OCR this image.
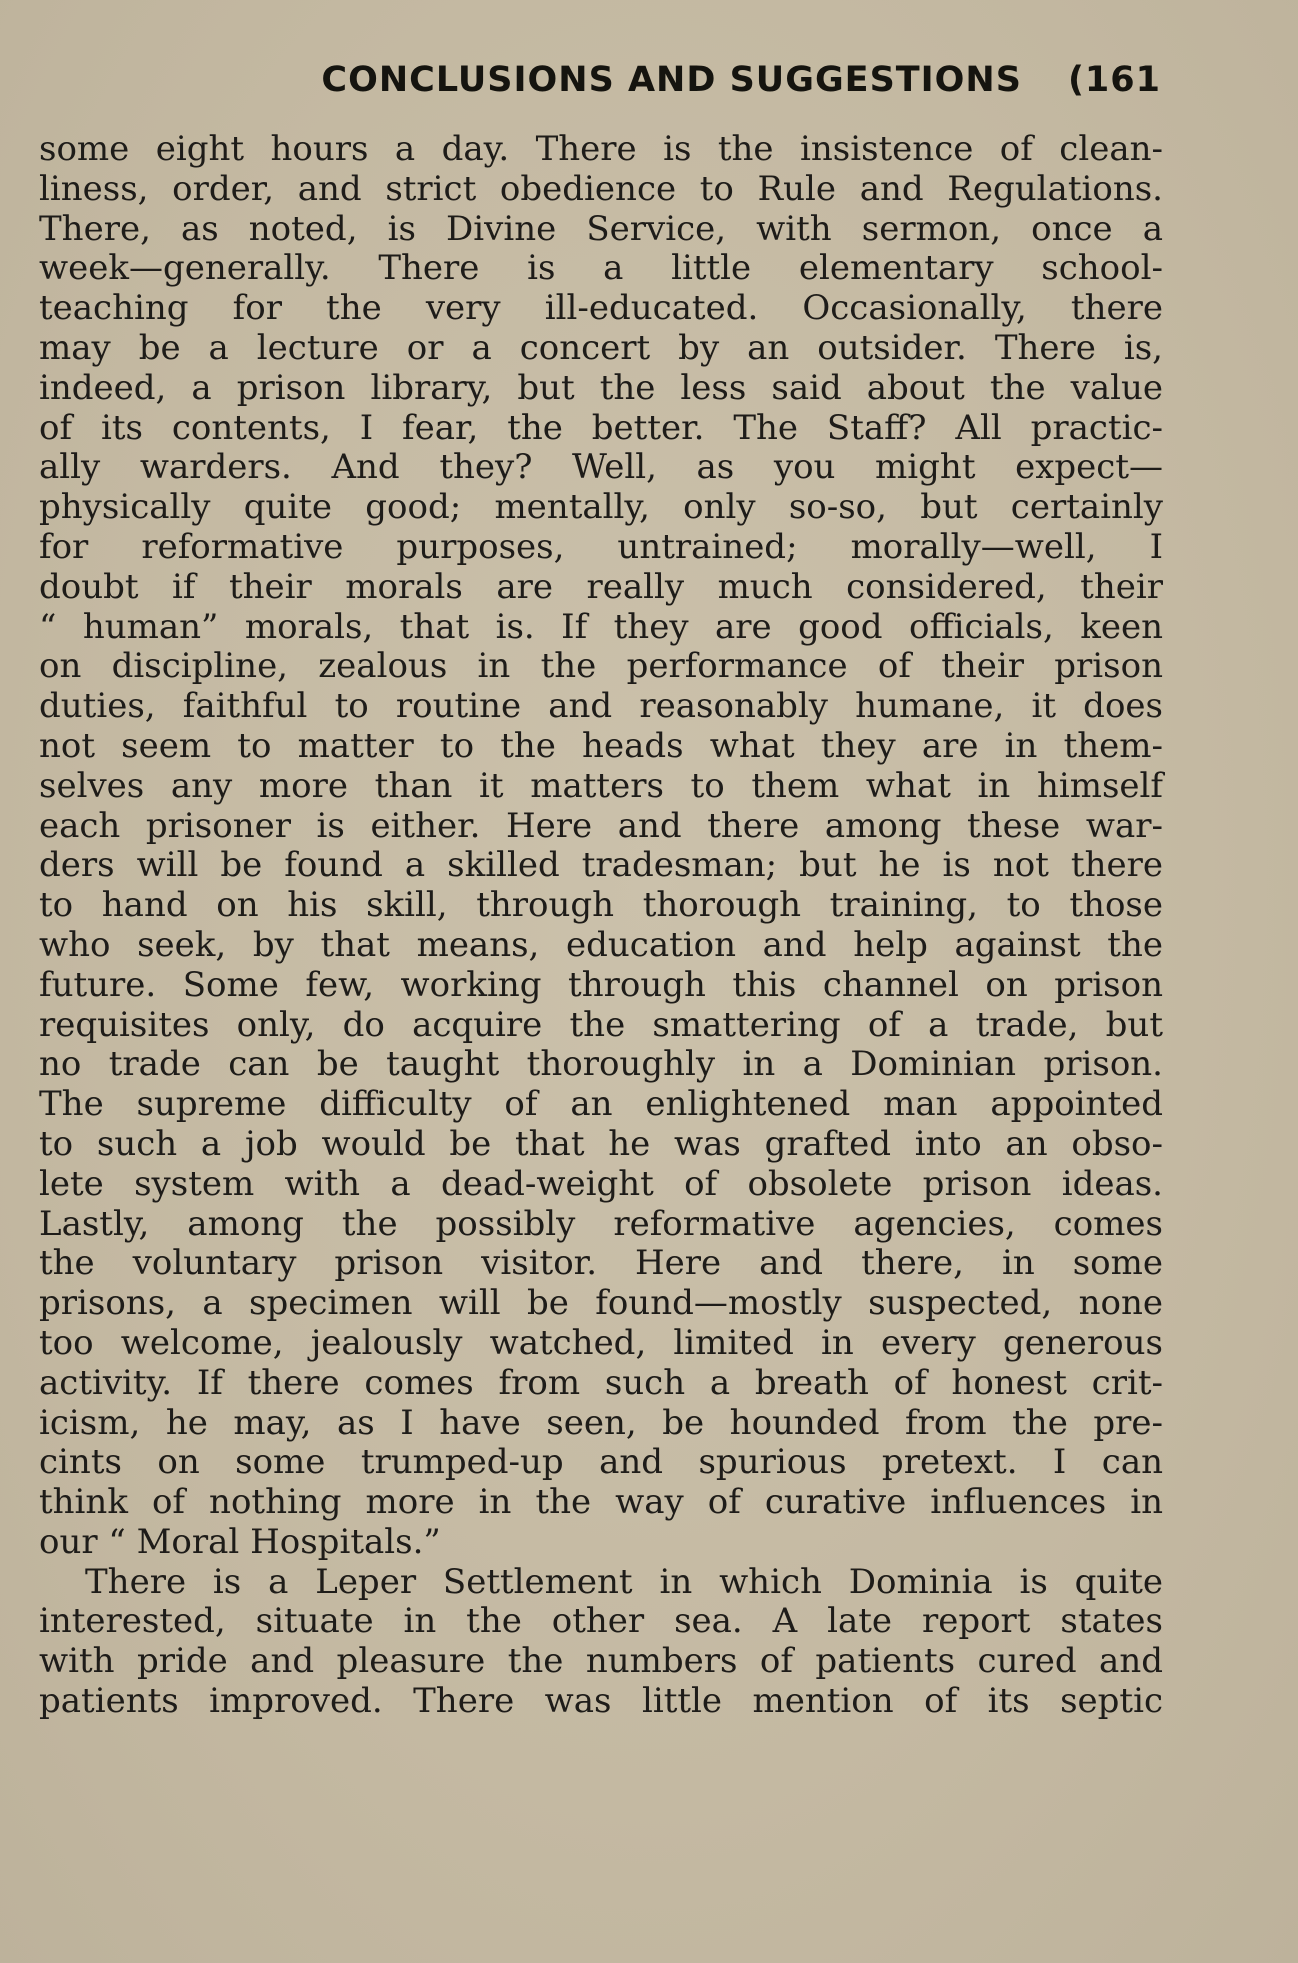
CONCLUSIONS AND SUGGESTIONS (161
some eight hours a day. There is the insistence of clean-
liness, order, and strict obedience to Rule and Regulations.
There, as noted, is Divine Service, with sermon, once a
week—generally. There is a little elementary school-
teaching for the very ill-educated. Occasionally, there
may be a lecture or a concert by an outsider. There is,
indeed, a prison library, but the less said about the value
of its contents, I fear, the better. The Staff? All practic-
ally warders. And they? Well, as you might expect—
physically quite good; mentally, only so-so, but certainly
for reformative purposes, untrained; morally—well, I
doubt if their morals are really much considered, their
“ human” morals, that is. If they are good officials, keen
on discipline, zealous in the performance of their prison
duties, faithful to routine and reasonably humane, it does
not seem to matter to the heads what they are in them-
selves any more than it matters to them what in himself
each prisoner is either. Here and there among these war-
ders will be found a skilled tradesman; but he is not there
to hand on his skill, through thorough training, to those
who seek, by that means, education and help against the
future. Some few, working through this channel on prison
requisites only, do acquire the smattering of a trade, but
no trade can be taught thoroughly in a Dominian prison.
The supreme difficulty of an enlightened man appointed
to such a job would be that he was grafted into an obso-
lete system with a dead-weight of obsolete prison ideas.
Lastly, among the possibly reformative agencies, comes
the voluntary prison visitor. Here and there, in some
prisons, a specimen will be found—mostly suspected, none
too welcome, jealously watched, limited in every generous
activity. If there comes from such a breath of honest crit-
icism, he may, as I have seen, be hounded from the pre-
cints on some trumped-up and spurious pretext. I can
think of nothing more in the way of curative influences in
our “ Moral Hospitals.”
There is a Leper Settlement in which Dominia is quite
interested, situate in the other sea. A late report states
with pride and pleasure the numbers of patients cured and
patients improved. There was little mention of its septic
